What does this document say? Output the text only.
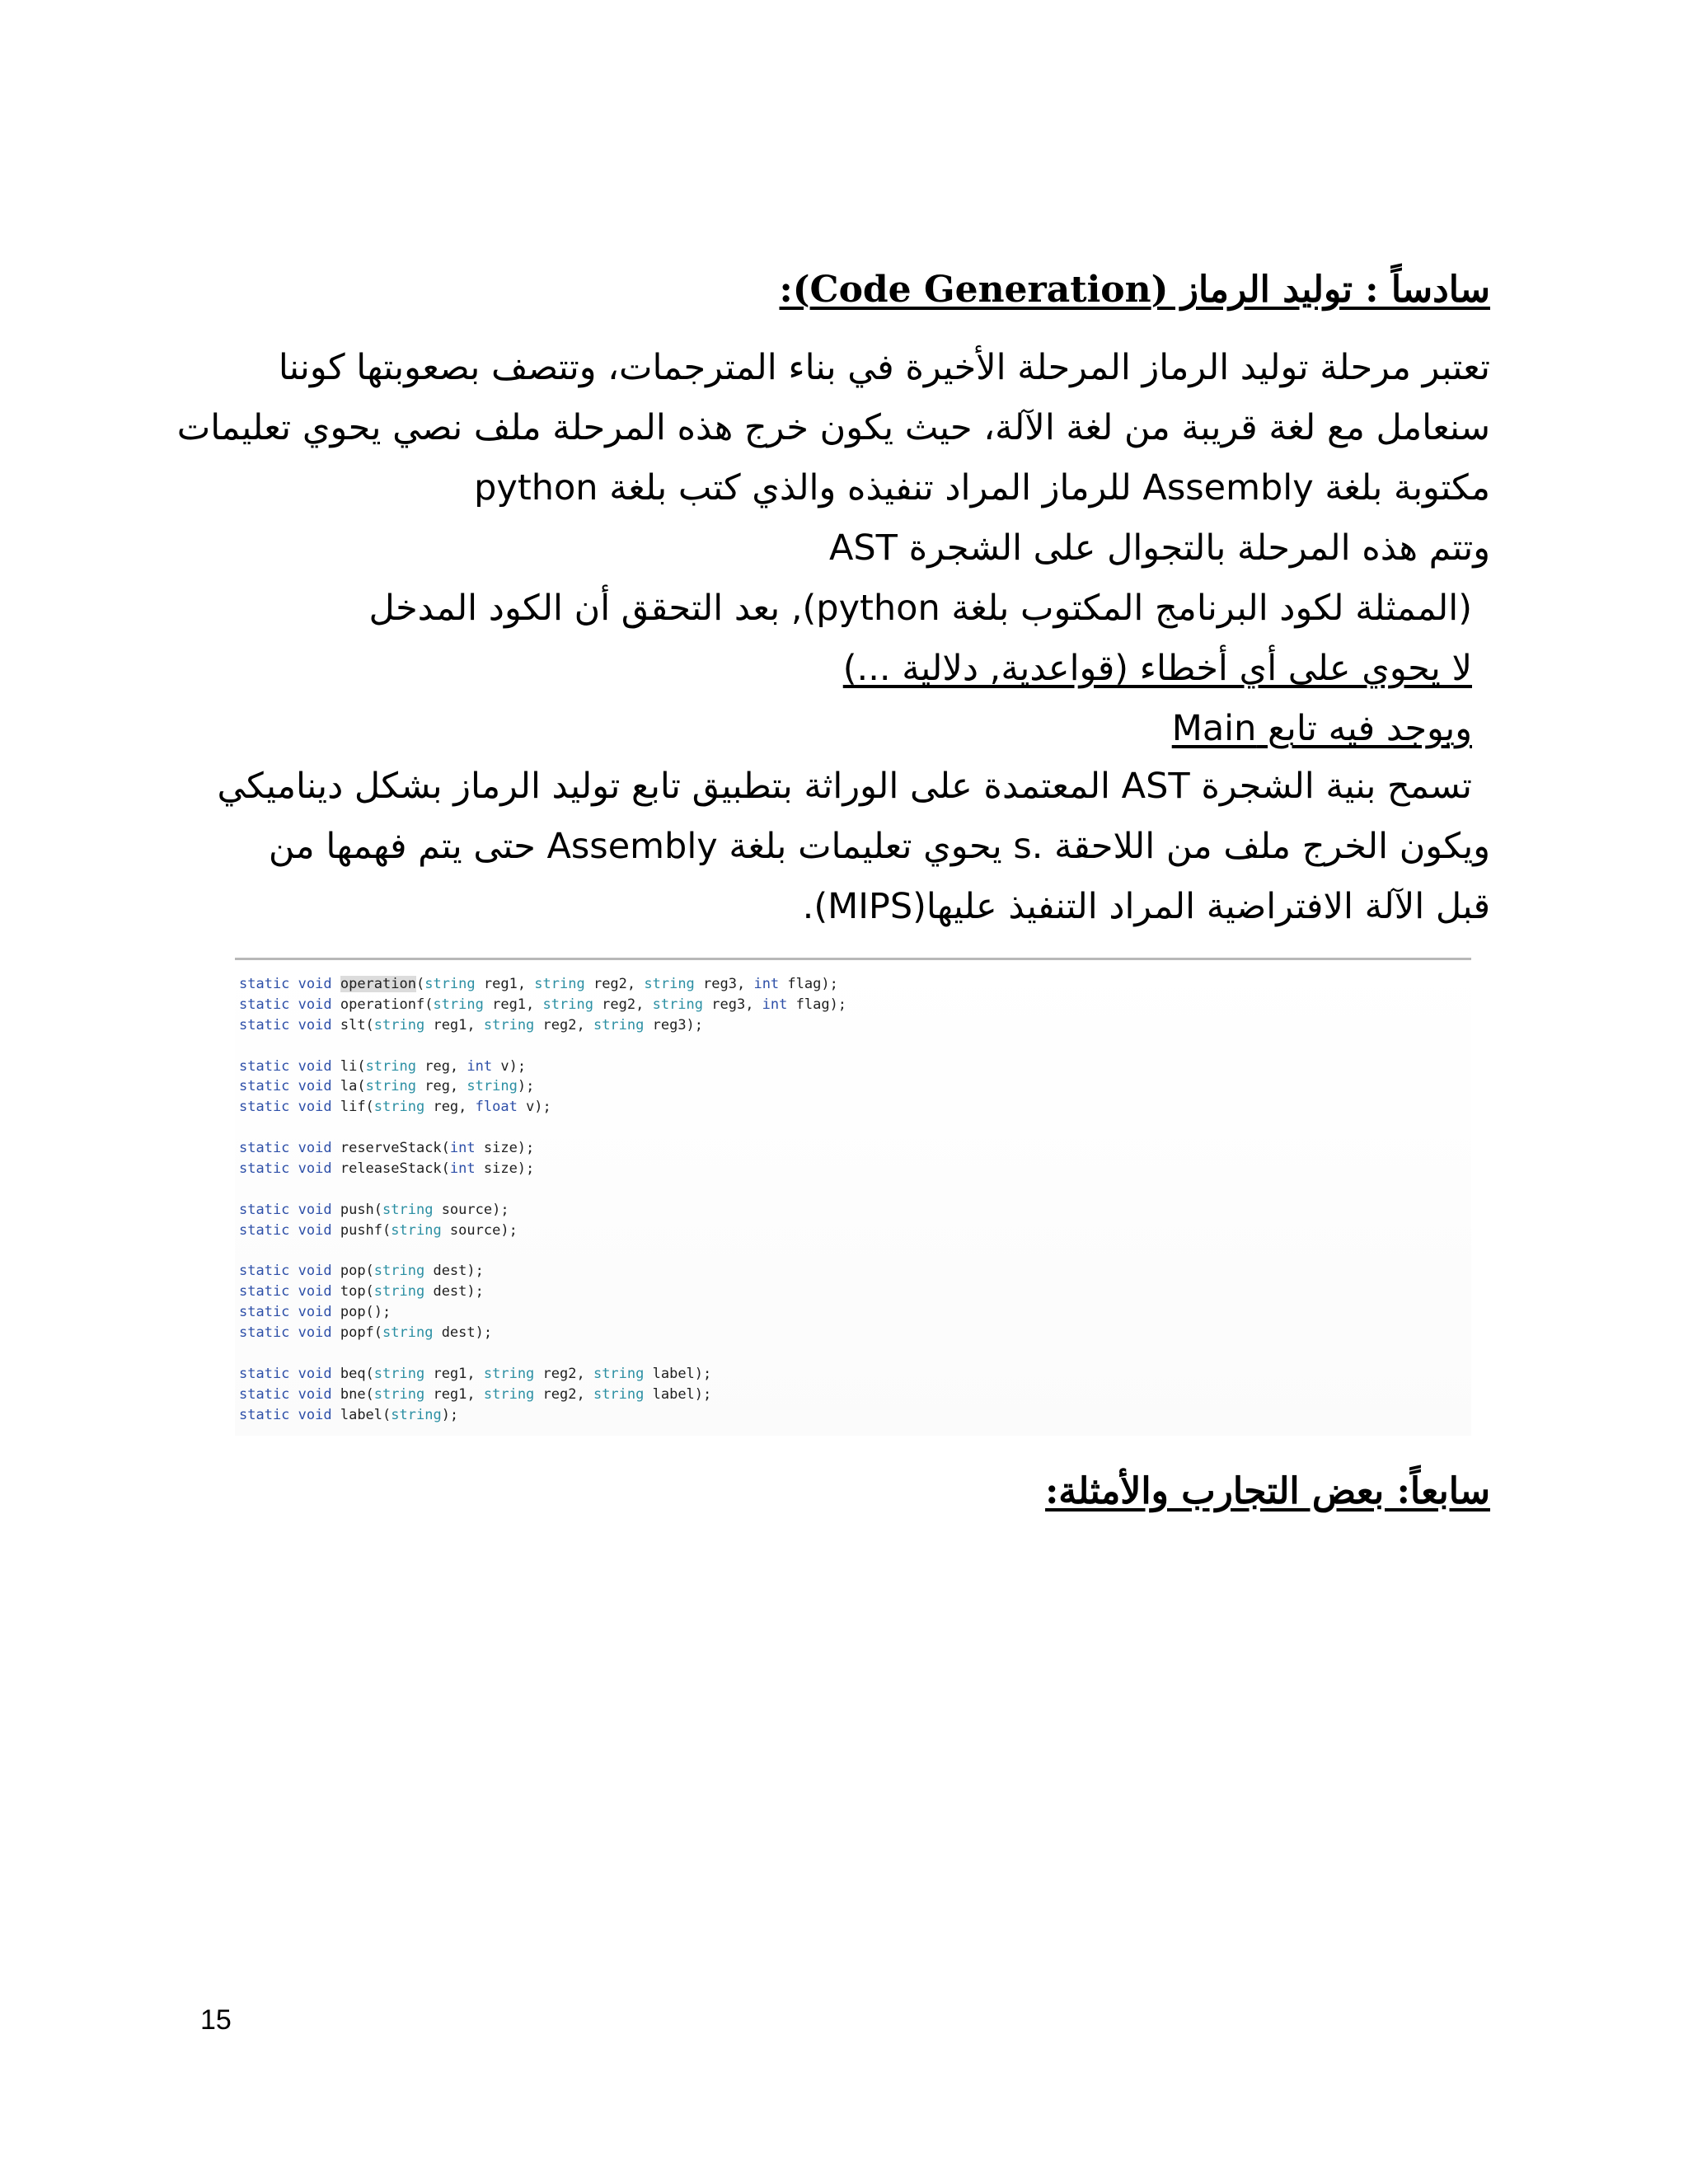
سادساً : توليد الرماز (Code Generation):
تعتبر مرحلة توليد الرماز المرحلة الأخيرة في بناء المترجمات، وتتصف بصعوبتها كوننا
سنعامل مع لغة قريبة من لغة الآلة، حيث يكون خرج هذه المرحلة ملف نصي يحوي تعليمات
مكتوبة بلغة Assembly للرماز المراد تنفيذه والذي كتب بلغة python
وتتم هذه المرحلة بالتجوال على الشجرة AST
(الممثلة لكود البرنامج المكتوب بلغة python), بعد التحقق أن الكود المدخل
لا يحوي على أي أخطاء (قواعدية, دلالية ...)
ويوجد فيه تابع Main
تسمح بنية الشجرة AST المعتمدة على الوراثة بتطبيق تابع توليد الرماز بشكل ديناميكي
ويكون الخرج ملف من اللاحقة .s يحوي تعليمات بلغة Assembly حتى يتم فهمها من
قبل الآلة الافتراضية المراد التنفيذ عليها(MIPS).
static void operation(string reg1, string reg2, string reg3, int flag);
static void operationf(string reg1, string reg2, string reg3, int flag);
static void slt(string reg1, string reg2, string reg3);
static void li(string reg, int v);
static void la(string reg, string);
static void lif(string reg, float v);
static void reserveStack(int size);
static void releaseStack(int size);
static void push(string source);
static void pushf(string source);
static void pop(string dest);
static void top(string dest);
static void pop();
static void popf(string dest);
static void beq(string reg1, string reg2, string label);
static void bne(string reg1, string reg2, string label);
static void label(string);
سابعاً: بعض التجارب والأمثلة:
15
